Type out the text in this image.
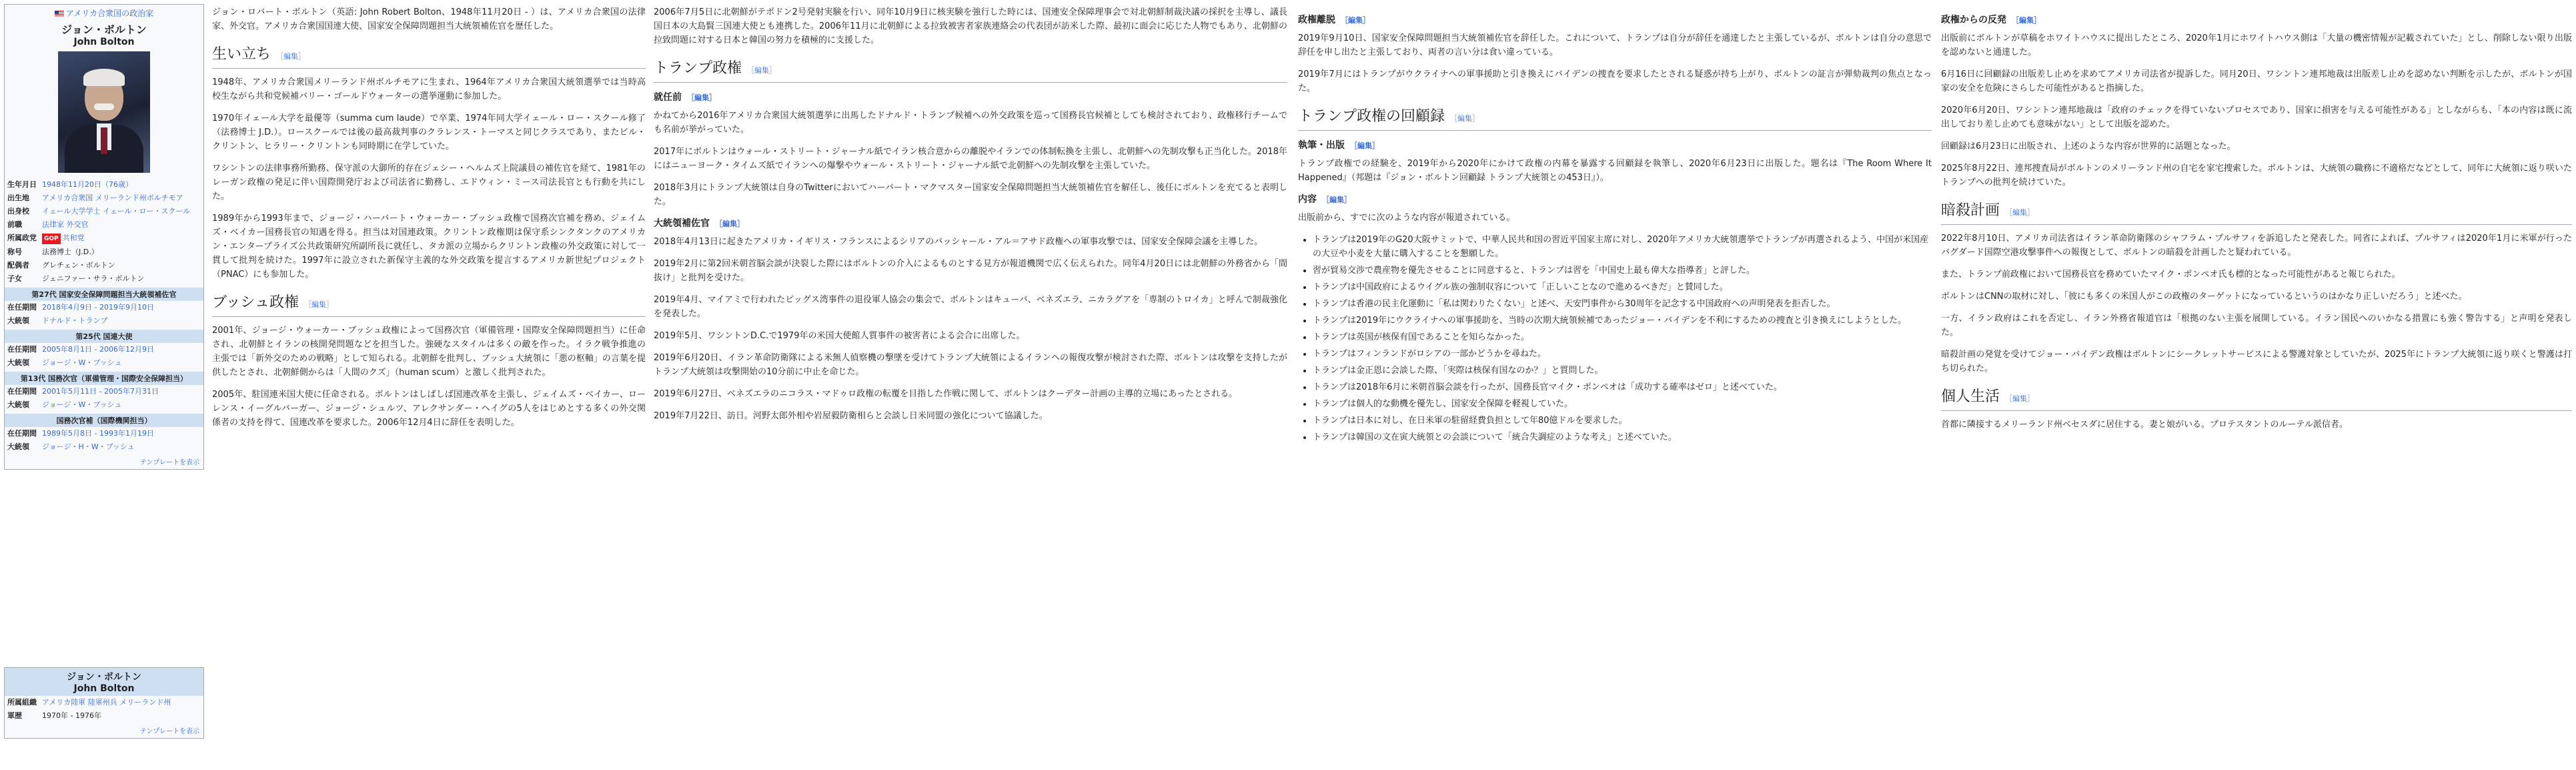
アメリカ合衆国の政治家
ジョン・ボルトン
John Bolton
生年月日 1948年11月20日（76歳）
出生地	アメリカ合衆国 メリーランド州ボルチモア
出身校	イェール大学学士 イェール・ロー・スクール
前職	法律家 外交官
所属政党	GOP 共和党
称号	法務博士（J.D.）
配偶者	グレチェン・ボルトン
子女	ジェニファー・サラ・ボルトン
第27代 国家安全保障問題担当大統領補佐官
在任期間 2018年4月9日 - 2019年9月10日
大統領	ドナルド・トランプ
第25代 国連大使
在任期間 2005年8月1日 - 2006年12月9日
大統領	ジョージ・W・ブッシュ
第13代 国務次官（軍備管理・国際安全保障担当）
在任期間 2001年5月11日 - 2005年7月31日
大統領	ジョージ・W・ブッシュ
国務次官補（国際機関担当）
在任期間 1989年5月8日 - 1993年1月19日
大統領	ジョージ・H・W・ブッシュ
テンプレートを表示
ジョン・ボルトン
John Bolton
所属組織 アメリカ陸軍 陸軍州兵 メリーランド州
軍歴	1970年 - 1976年
テンプレートを表示

ジョン・ロバート・ボルトン（英語: John Robert Bolton、1948年11月20日 - ）は、アメリカ合衆国の法律家、外交官。アメリカ合衆国国連大使、国家安全保障問題担当大統領補佐官を歴任した。

生い立ち ［編集］

1948年、アメリカ合衆国メリーランド州ボルチモアに生まれ、1964年アメリカ合衆国大統領選挙では当時高校生ながら共和党候補バリー・ゴールドウォーターの選挙運動に参加した。

1970年イェール大学を最優等（summa cum laude）で卒業、1974年同大学イェール・ロー・スクール修了（法務博士 J.D.）。ロースクールでは後の最高裁判事のクラレンス・トーマスと同じクラスであり、またビル・クリントン、ヒラリー・クリントンも同時期に在学していた。

ワシントンの法律事務所勤務、保守派の大御所的存在ジェシー・ヘルムズ上院議員の補佐官を経て、1981年のレーガン政権の発足に伴い国際開発庁および司法省に勤務し、エドウィン・ミース司法長官とも行動を共にした。

1989年から1993年まで、ジョージ・ハーバート・ウォーカー・ブッシュ政権で国務次官補を務め、ジェイムズ・ベイカー国務長官の知遇を得る。担当は対国連政策。クリントン政権期は保守系シンクタンクのアメリカン・エンタープライズ公共政策研究所副所長に就任し、タカ派の立場からクリントン政権の外交政策に対して一貫して批判を続けた。1997年に設立された新保守主義的な外交政策を提言するアメリカ新世紀プロジェクト（PNAC）にも参加した。

ブッシュ政権 ［編集］

2001年、ジョージ・ウォーカー・ブッシュ政権によって国務次官（軍備管理・国際安全保障問題担当）に任命され、北朝鮮とイランの核開発問題などを担当した。強硬なスタイルは多くの敵を作った。イラク戦争推進の主張では「新外交のための戦略」として知られる。北朝鮮を批判し、ブッシュ大統領に「悪の枢軸」の言葉を提供したとされ、北朝鮮側からは「人間のクズ」（human scum）と激しく批判された。

2005年、駐国連米国大使に任命される。ボルトンはしばしば国連改革を主張し、ジェイムズ・ベイカー、ローレンス・イーグルバーガー、ジョージ・シュルツ、アレクサンダー・ヘイグの5人をはじめとする多くの外交関係者の支持を得て、国連改革を要求した。2006年12月4日に辞任を表明した。

2006年7月5日に北朝鮮がテポドン2号発射実験を行い、同年10月9日に核実験を強行した時には、国連安全保障理事会で対北朝鮮制裁決議の採択を主導し、議長国日本の大島賢三国連大使とも連携した。2006年11月に北朝鮮による拉致被害者家族連絡会の代表団が訪米した際、最初に面会に応じた人物でもあり、北朝鮮の拉致問題に対する日本と韓国の努力を積極的に支援した。

トランプ政権 ［編集］
就任前 ［編集］

かねてから2016年アメリカ合衆国大統領選挙に出馬したドナルド・トランプ候補への外交政策を巡って国務長官候補としても検討されており、政権移行チームでも名前が挙がっていた。

2017年にボルトンはウォール・ストリート・ジャーナル紙でイラン核合意からの離脱やイランでの体制転換を主張し、北朝鮮への先制攻撃も正当化した。2018年にはニューヨーク・タイムズ紙でイランへの爆撃やウォール・ストリート・ジャーナル紙で北朝鮮への先制攻撃を主張していた。

2018年3月にトランプ大統領は自身のTwitterにおいてハーバート・マクマスター国家安全保障問題担当大統領補佐官を解任し、後任にボルトンを充てると表明した。

大統領補佐官 ［編集］

2018年4月13日に起きたアメリカ・イギリス・フランスによるシリアのバッシャール・アル＝アサド政権への軍事攻撃では、国家安全保障会議を主導した。

2019年2月に第2回米朝首脳会談が決裂した際にはボルトンの介入によるものとする見方が報道機関で広く伝えられた。同年4月20日には北朝鮮の外務省から「間抜け」と批判を受けた。

2019年4月、マイアミで行われたピッグス湾事件の退役軍人協会の集会で、ボルトンはキューバ、ベネズエラ、ニカラグアを「専制のトロイカ」と呼んで制裁強化を発表した。

2019年5月、ワシントンD.C.で1979年の米国大使館人質事件の被害者による会合に出席した。

2019年6月20日、イラン革命防衛隊による米無人偵察機の撃墜を受けてトランプ大統領によるイランへの報復攻撃が検討された際、ボルトンは攻撃を支持したがトランプ大統領は攻撃開始の10分前に中止を命じた。

2019年6月27日、ベネズエラのニコラス・マドゥロ政権の転覆を目指した作戦に関して、ボルトンはクーデター計画の主導的立場にあったとされる。

2019年7月22日、訪日。河野太郎外相や岩屋毅防衛相らと会談し日米同盟の強化について協議した。

政権離脱 ［編集］

2019年9月10日、国家安全保障問題担当大統領補佐官を辞任した。これについて、トランプは自分が辞任を通達したと主張しているが、ボルトンは自分の意思で辞任を申し出たと主張しており、両者の言い分は食い違っている。

2019年7月にはトランプがウクライナへの軍事援助と引き換えにバイデンの捜査を要求したとされる疑惑が持ち上がり、ボルトンの証言が弾劾裁判の焦点となった。

トランプ政権の回顧録 ［編集］
執筆・出版 ［編集］

トランプ政権での経験を、2019年から2020年にかけて政権の内幕を暴露する回顧録を執筆し、2020年6月23日に出版した。題名は『The Room Where It Happened』（邦題は『ジョン・ボルトン回顧録 トランプ大統領との453日』）。

内容 ［編集］

出版前から、すでに次のような内容が報道されている。

• トランプは2019年のG20大阪サミットで、中華人民共和国の習近平国家主席に対し、2020年アメリカ大統領選挙でトランプが再選されるよう、中国が米国産の大豆や小麦を大量に購入することを懇願した。
• 習が貿易交渉で農産物を優先させることに同意すると、トランプは習を「中国史上最も偉大な指導者」と評した。
• トランプは中国政府によるウイグル族の強制収容について「正しいことなので進めるべきだ」と賛同した。
• トランプは香港の民主化運動に「私は関わりたくない」と述べ、天安門事件から30周年を記念する中国政府への声明発表を拒否した。
• トランプは2019年にウクライナへの軍事援助を、当時の次期大統領候補であったジョー・バイデンを不利にするための捜査と引き換えにしようとした。
• トランプは英国が核保有国であることを知らなかった。
• トランプはフィンランドがロシアの一部かどうかを尋ねた。
• トランプは金正恩に会談した際、「実際は核保有国なのか？」と質問した。
• トランプは2018年6月に米朝首脳会談を行ったが、国務長官マイク・ポンペオは「成功する確率はゼロ」と述べていた。
• トランプは個人的な動機を優先し、国家安全保障を軽視していた。
• トランプは日本に対し、在日米軍の駐留経費負担として年80億ドルを要求した。
• トランプは韓国の文在寅大統領との会談について「統合失調症のような考え」と述べていた。
政権からの反発 ［編集］

出版前にボルトンが草稿をホワイトハウスに提出したところ、2020年1月にホワイトハウス側は「大量の機密情報が記載されていた」とし、削除しない限り出版を認めないと通達した。

6月16日に回顧録の出版差し止めを求めてアメリカ司法省が提訴した。同月20日、ワシントン連邦地裁は出版差し止めを認めない判断を示したが、ボルトンが国家の安全を危険にさらした可能性があると指摘した。

2020年6月20日、ワシントン連邦地裁は「政府のチェックを得ていないプロセスであり、国家に損害を与える可能性がある」としながらも、「本の内容は既に流出しており差し止めても意味がない」として出版を認めた。

回顧録は6月23日に出版され、上述のような内容が世界的に話題となった。

2025年8月22日、連邦捜査局がボルトンのメリーランド州の自宅を家宅捜索した。ボルトンは、大統領の職務に不適格だなどとして、同年に大統領に返り咲いたトランプへの批判を続けていた。

暗殺計画 ［編集］

2022年8月10日、アメリカ司法省はイラン革命防衛隊のシャフラム・プルサフィを訴追したと発表した。同省によれば、プルサフィは2020年1月に米軍が行ったバグダード国際空港攻撃事件への報復として、ボルトンの暗殺を計画したと疑われている。

また、トランプ前政権において国務長官を務めていたマイク・ポンペオ氏も標的となった可能性があると報じられた。

ボルトンはCNNの取材に対し、「彼にも多くの米国人がこの政権のターゲットになっているというのはかなり正しいだろう」と述べた。

一方、イラン政府はこれを否定し、イラン外務省報道官は「根拠のない主張を展開している。イラン国民へのいかなる措置にも強く警告する」と声明を発表した。

暗殺計画の発覚を受けてジョー・バイデン政権はボルトンにシークレットサービスによる警護対象としていたが、2025年にトランプ大統領に返り咲くと警護は打ち切られた。

個人生活 ［編集］

首都に隣接するメリーランド州ベセスダに居住する。妻と娘がいる。プロテスタントのルーテル派信者。
